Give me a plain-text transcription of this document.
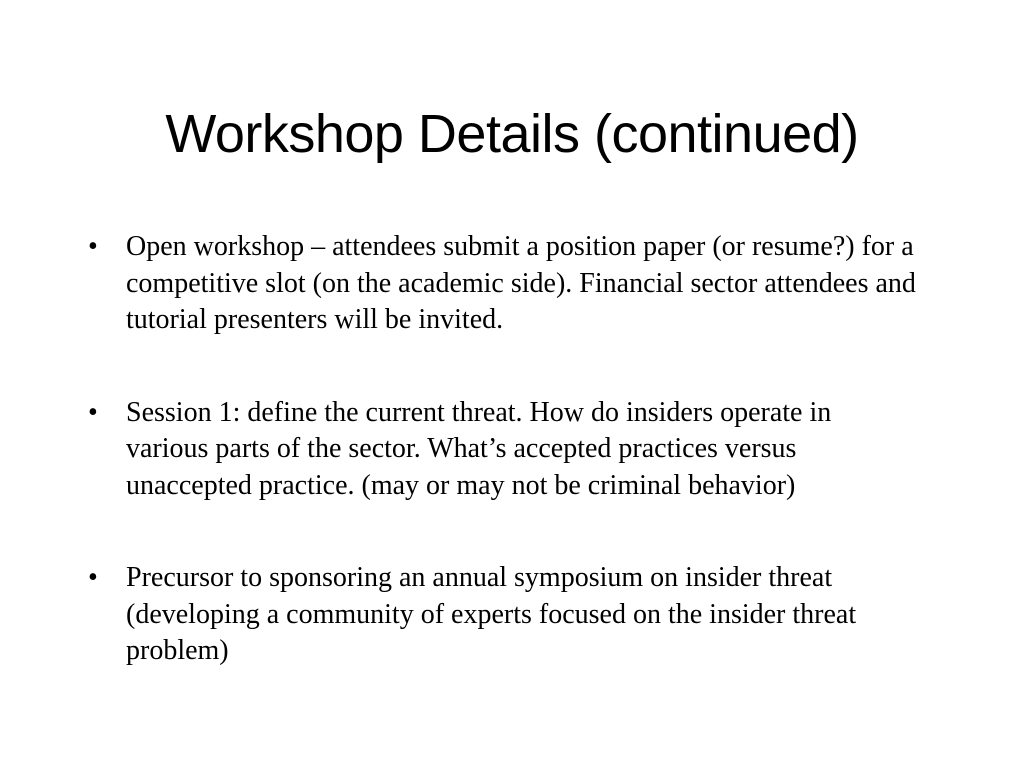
Workshop Details (continued)
•	Open workshop – attendees submit a position paper (or resume?) for a competitive slot (on the academic side). Financial sector attendees and tutorial presenters will be invited.
•	Session 1: define the current threat. How do insiders operate in various parts of the sector. What’s accepted practices versus unaccepted practice. (may or may not be criminal behavior)
•	Precursor to sponsoring an annual symposium on insider threat (developing a community of experts focused on the insider threat problem)
